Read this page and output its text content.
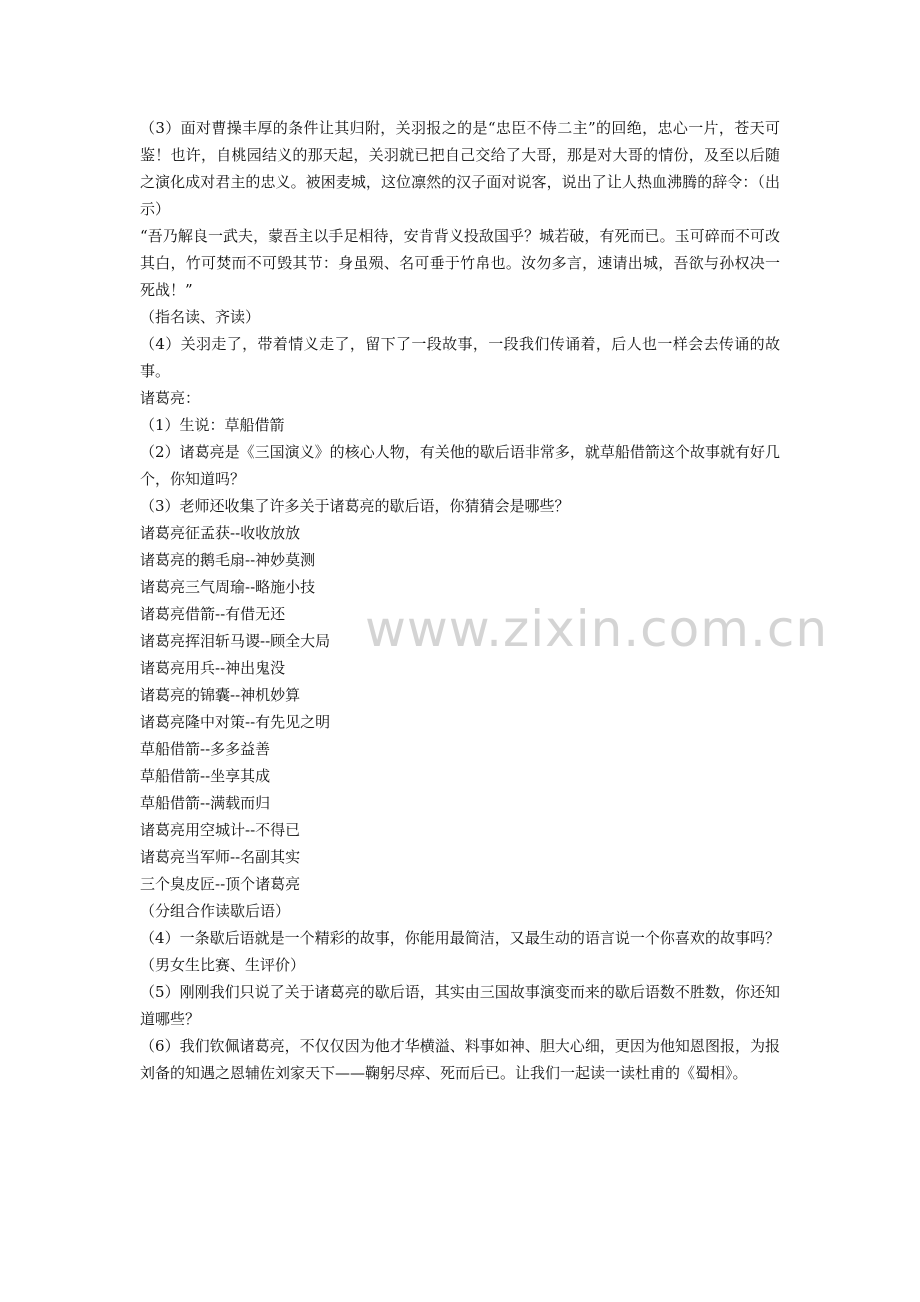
（3）面对曹操丰厚的条件让其归附，关羽报之的是“忠臣不侍二主”的回绝，忠心一片，苍天可鉴！也许，自桃园结义的那天起，关羽就已把自己交给了大哥，那是对大哥的情份，及至以后随之演化成对君主的忠义。被困麦城，这位凛然的汉子面对说客，说出了让人热血沸腾的辞令：（出示）

“吾乃解良一武夫，蒙吾主以手足相待，安肯背义投敌国乎？城若破，有死而已。玉可碎而不可改其白，竹可焚而不可毁其节：身虽殒、名可垂于竹帛也。汝勿多言，速请出城，吾欲与孙权决一死战！”

（指名读、齐读）

（4）关羽走了，带着情义走了，留下了一段故事，一段我们传诵着，后人也一样会去传诵的故事。

诸葛亮：

（1）生说：草船借箭

（2）诸葛亮是《三国演义》的核心人物，有关他的歇后语非常多，就草船借箭这个故事就有好几个，你知道吗？

（3）老师还收集了许多关于诸葛亮的歇后语，你猜猜会是哪些？

诸葛亮征孟获--收收放放

诸葛亮的鹅毛扇--神妙莫测

诸葛亮三气周瑜--略施小技

诸葛亮借箭--有借无还

诸葛亮挥泪斩马谡--顾全大局

诸葛亮用兵--神出鬼没

诸葛亮的锦囊--神机妙算

诸葛亮隆中对策--有先见之明

草船借箭--多多益善

草船借箭--坐享其成

草船借箭--满载而归

诸葛亮用空城计--不得已

诸葛亮当军师--名副其实

三个臭皮匠--顶个诸葛亮

（分组合作读歇后语）

（4）一条歇后语就是一个精彩的故事，你能用最简洁，又最生动的语言说一个你喜欢的故事吗？（男女生比赛、生评价）

（5）刚刚我们只说了关于诸葛亮的歇后语，其实由三国故事演变而来的歇后语数不胜数，你还知道哪些？

（6）我们钦佩诸葛亮，不仅仅因为他才华横溢、料事如神、胆大心细，更因为他知恩图报，为报刘备的知遇之恩辅佐刘家天下——鞠躬尽瘁、死而后已。让我们一起读一读杜甫的《蜀相》。

www.zixin.com.cn
